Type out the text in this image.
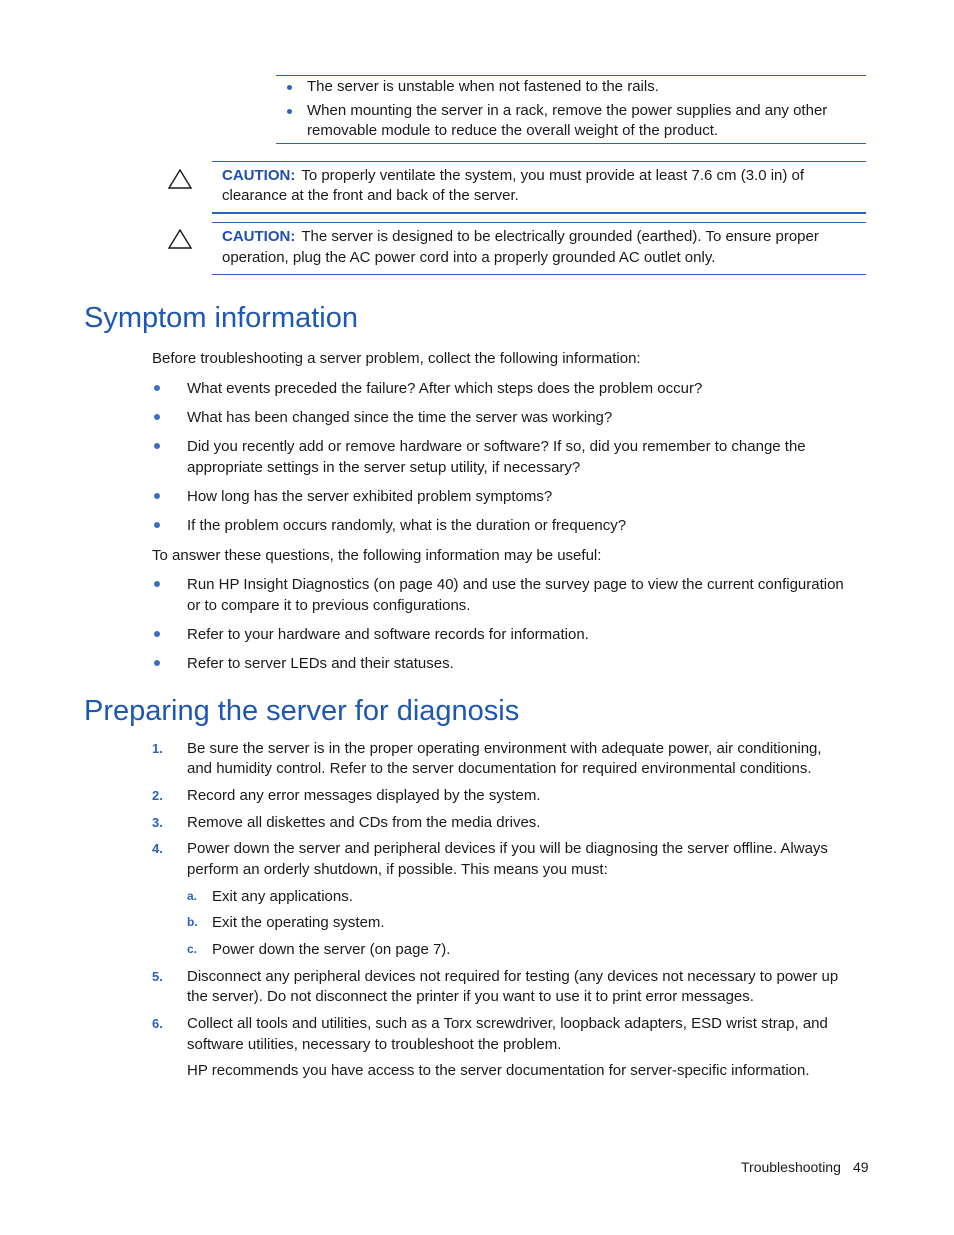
The server is unstable when not fastened to the rails.
When mounting the server in a rack, remove the power supplies and any other
removable module to reduce the overall weight of the product.
CAUTION: To properly ventilate the system, you must provide at least 7.6 cm (3.0 in) of
clearance at the front and back of the server.
CAUTION: The server is designed to be electrically grounded (earthed). To ensure proper
operation, plug the AC power cord into a properly grounded AC outlet only.
Symptom information
Before troubleshooting a server problem, collect the following information:
What events preceded the failure? After which steps does the problem occur?
What has been changed since the time the server was working?
Did you recently add or remove hardware or software? If so, did you remember to change the
appropriate settings in the server setup utility, if necessary?
How long has the server exhibited problem symptoms?
If the problem occurs randomly, what is the duration or frequency?
To answer these questions, the following information may be useful:
Run HP Insight Diagnostics (on page 40) and use the survey page to view the current configuration
or to compare it to previous configurations.
Refer to your hardware and software records for information.
Refer to server LEDs and their statuses.
Preparing the server for diagnosis
1. Be sure the server is in the proper operating environment with adequate power, air conditioning,
and humidity control. Refer to the server documentation for required environmental conditions.
2. Record any error messages displayed by the system.
3. Remove all diskettes and CDs from the media drives.
4. Power down the server and peripheral devices if you will be diagnosing the server offline. Always
perform an orderly shutdown, if possible. This means you must:
a. Exit any applications.
b. Exit the operating system.
c. Power down the server (on page 7).
5. Disconnect any peripheral devices not required for testing (any devices not necessary to power up
the server). Do not disconnect the printer if you want to use it to print error messages.
6. Collect all tools and utilities, such as a Torx screwdriver, loopback adapters, ESD wrist strap, and
software utilities, necessary to troubleshoot the problem.
HP recommends you have access to the server documentation for server-specific information.
Troubleshooting 49
